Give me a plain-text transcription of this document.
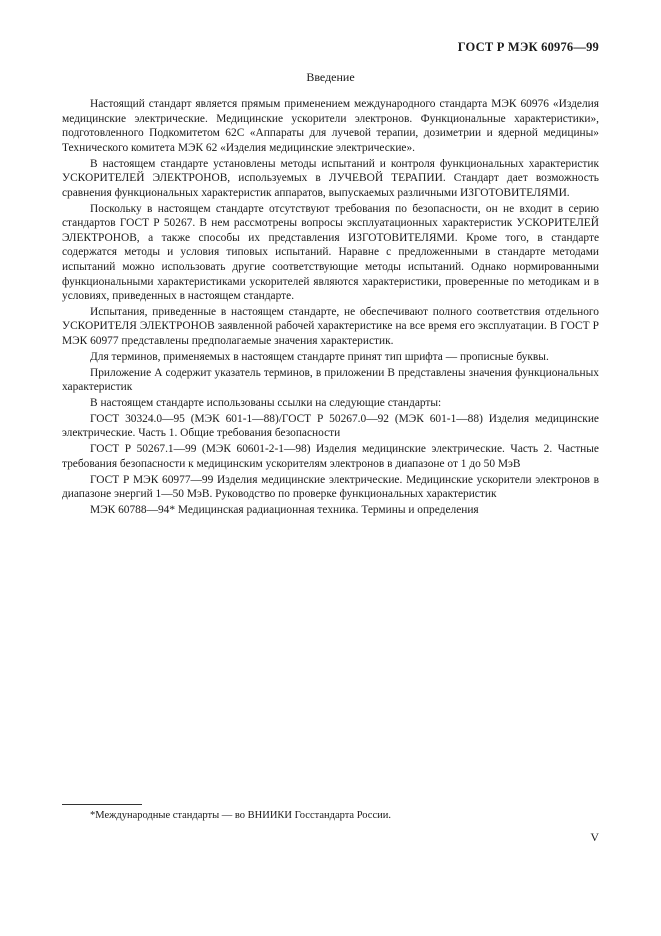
ГОСТ Р МЭК 60976—99
Введение

Настоящий стандарт является прямым применением международного стандарта МЭК 60976 «Изделия медицинские электрические. Медицинские ускорители электронов. Функциональные характеристики», подготовленного Подкомитетом 62С «Аппараты для лучевой терапии, дозиметрии и ядерной медицины» Технического комитета МЭК 62 «Изделия медицинские электрические».

В настоящем стандарте установлены методы испытаний и контроля функциональных характеристик УСКОРИТЕЛЕЙ ЭЛЕКТРОНОВ, используемых в ЛУЧЕВОЙ ТЕРАПИИ. Стандарт дает возможность сравнения функциональных характеристик аппаратов, выпускаемых различными ИЗГОТОВИТЕЛЯМИ.

Поскольку в настоящем стандарте отсутствуют требования по безопасности, он не входит в серию стандартов ГОСТ Р 50267. В нем рассмотрены вопросы эксплуатационных характеристик УСКОРИТЕЛЕЙ ЭЛЕКТРОНОВ, а также способы их представления ИЗГОТОВИТЕЛЯМИ. Кроме того, в стандарте содержатся методы и условия типовых испытаний. Наравне с предложенными в стандарте методами испытаний можно использовать другие соответствующие методы испытаний. Однако нормированными функциональными характеристиками ускорителей являются характеристики, проверенные по методикам и в условиях, приведенных в настоящем стандарте.

Испытания, приведенные в настоящем стандарте, не обеспечивают полного соответствия отдельного УСКОРИТЕЛЯ ЭЛЕКТРОНОВ заявленной рабочей характеристике на все время его эксплуатации. В ГОСТ Р МЭК 60977 представлены предполагаемые значения характеристик.

Для терминов, применяемых в настоящем стандарте принят тип шрифта — прописные буквы.

Приложение А содержит указатель терминов, в приложении В представлены значения функциональных характеристик

В настоящем стандарте использованы ссылки на следующие стандарты:

ГОСТ 30324.0—95 (МЭК 601-1—88)/ГОСТ Р 50267.0—92 (МЭК 601-1—88) Изделия медицинские электрические. Часть 1. Общие требования безопасности

ГОСТ Р 50267.1—99 (МЭК 60601-2-1—98) Изделия медицинские электрические. Часть 2. Частные требования безопасности к медицинским ускорителям электронов в диапазоне от 1 до 50 МэВ

ГОСТ Р МЭК 60977—99 Изделия медицинские электрические. Медицинские ускорители электронов в диапазоне энергий 1—50 МэВ. Руководство по проверке функциональных характеристик

МЭК 60788—94* Медицинская радиационная техника. Термины и определения

*Международные стандарты — во ВНИИКИ Госстандарта России.
V
